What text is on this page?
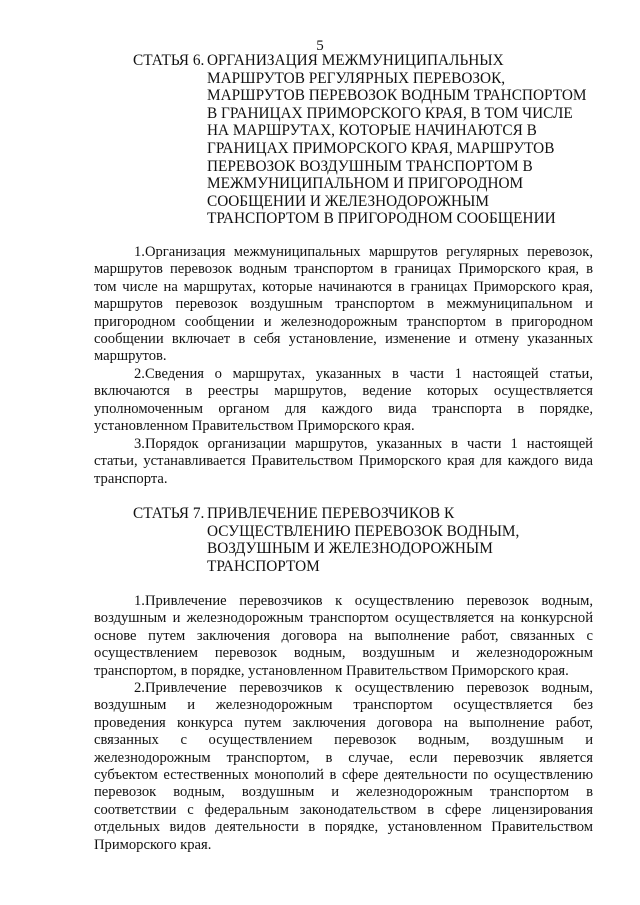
5
СТАТЬЯ 6. ОРГАНИЗАЦИЯ МЕЖМУНИЦИПАЛЬНЫХ
МАРШРУТОВ РЕГУЛЯРНЫХ ПЕРЕВОЗОК,
МАРШРУТОВ ПЕРЕВОЗОК ВОДНЫМ ТРАНСПОРТОМ
В ГРАНИЦАХ ПРИМОРСКОГО КРАЯ, В ТОМ ЧИСЛЕ
НА МАРШРУТАХ, КОТОРЫЕ НАЧИНАЮТСЯ В
ГРАНИЦАХ ПРИМОРСКОГО КРАЯ, МАРШРУТОВ
ПЕРЕВОЗОК ВОЗДУШНЫМ ТРАНСПОРТОМ В
МЕЖМУНИЦИПАЛЬНОМ И ПРИГОРОДНОМ
СООБЩЕНИИ И ЖЕЛЕЗНОДОРОЖНЫМ
ТРАНСПОРТОМ В ПРИГОРОДНОМ СООБЩЕНИИ
1.Организация межмуниципальных маршрутов регулярных перевозок,
маршрутов перевозок водным транспортом в границах Приморского края, в
том числе на маршрутах, которые начинаются в границах Приморского края,
маршрутов перевозок воздушным транспортом в межмуниципальном и
пригородном сообщении и железнодорожным транспортом в пригородном
сообщении включает в себя установление, изменение и отмену указанных
маршрутов.
2.Сведения о маршрутах, указанных в части 1 настоящей статьи,
включаются в реестры маршрутов, ведение которых осуществляется
уполномоченным органом для каждого вида транспорта в порядке,
установленном Правительством Приморского края.
3.Порядок организации маршрутов, указанных в части 1 настоящей
статьи, устанавливается Правительством Приморского края для каждого вида
транспорта.
СТАТЬЯ 7. ПРИВЛЕЧЕНИЕ ПЕРЕВОЗЧИКОВ К
ОСУЩЕСТВЛЕНИЮ ПЕРЕВОЗОК ВОДНЫМ,
ВОЗДУШНЫМ И ЖЕЛЕЗНОДОРОЖНЫМ
ТРАНСПОРТОМ
1.Привлечение перевозчиков к осуществлению перевозок водным,
воздушным и железнодорожным транспортом осуществляется на конкурсной
основе путем заключения договора на выполнение работ, связанных с
осуществлением перевозок водным, воздушным и железнодорожным
транспортом, в порядке, установленном Правительством Приморского края.
2.Привлечение перевозчиков к осуществлению перевозок водным,
воздушным и железнодорожным транспортом осуществляется без
проведения конкурса путем заключения договора на выполнение работ,
связанных с осуществлением перевозок водным, воздушным и
железнодорожным транспортом, в случае, если перевозчик является
субъектом естественных монополий в сфере деятельности по осуществлению
перевозок водным, воздушным и железнодорожным транспортом в
соответствии с федеральным законодательством в сфере лицензирования
отдельных видов деятельности в порядке, установленном Правительством
Приморского края.
